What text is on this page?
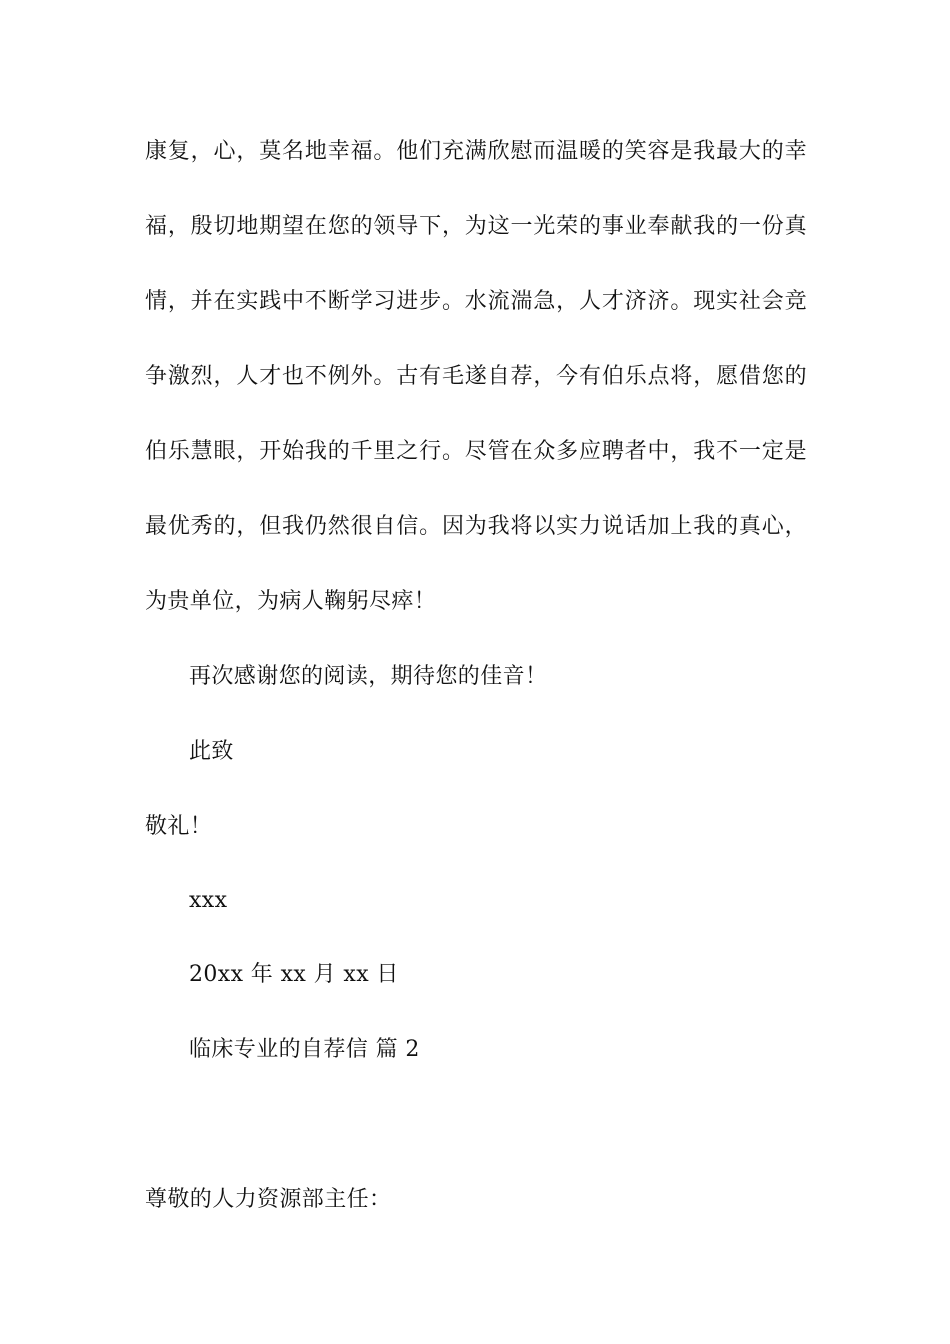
康复，心，莫名地幸福。他们充满欣慰而温暖的笑容是我最大的幸
福，殷切地期望在您的领导下，为这一光荣的事业奉献我的一份真
情，并在实践中不断学习进步。水流湍急，人才济济。现实社会竞
争激烈，人才也不例外。古有毛遂自荐，今有伯乐点将，愿借您的
伯乐慧眼，开始我的千里之行。尽管在众多应聘者中，我不一定是
最优秀的，但我仍然很自信。因为我将以实力说话加上我的真心，
为贵单位，为病人鞠躬尽瘁！
再次感谢您的阅读，期待您的佳音！
此致
敬礼！
xxx
20xx 年 xx 月 xx 日
临床专业的自荐信 篇 2
尊敬的人力资源部主任：
